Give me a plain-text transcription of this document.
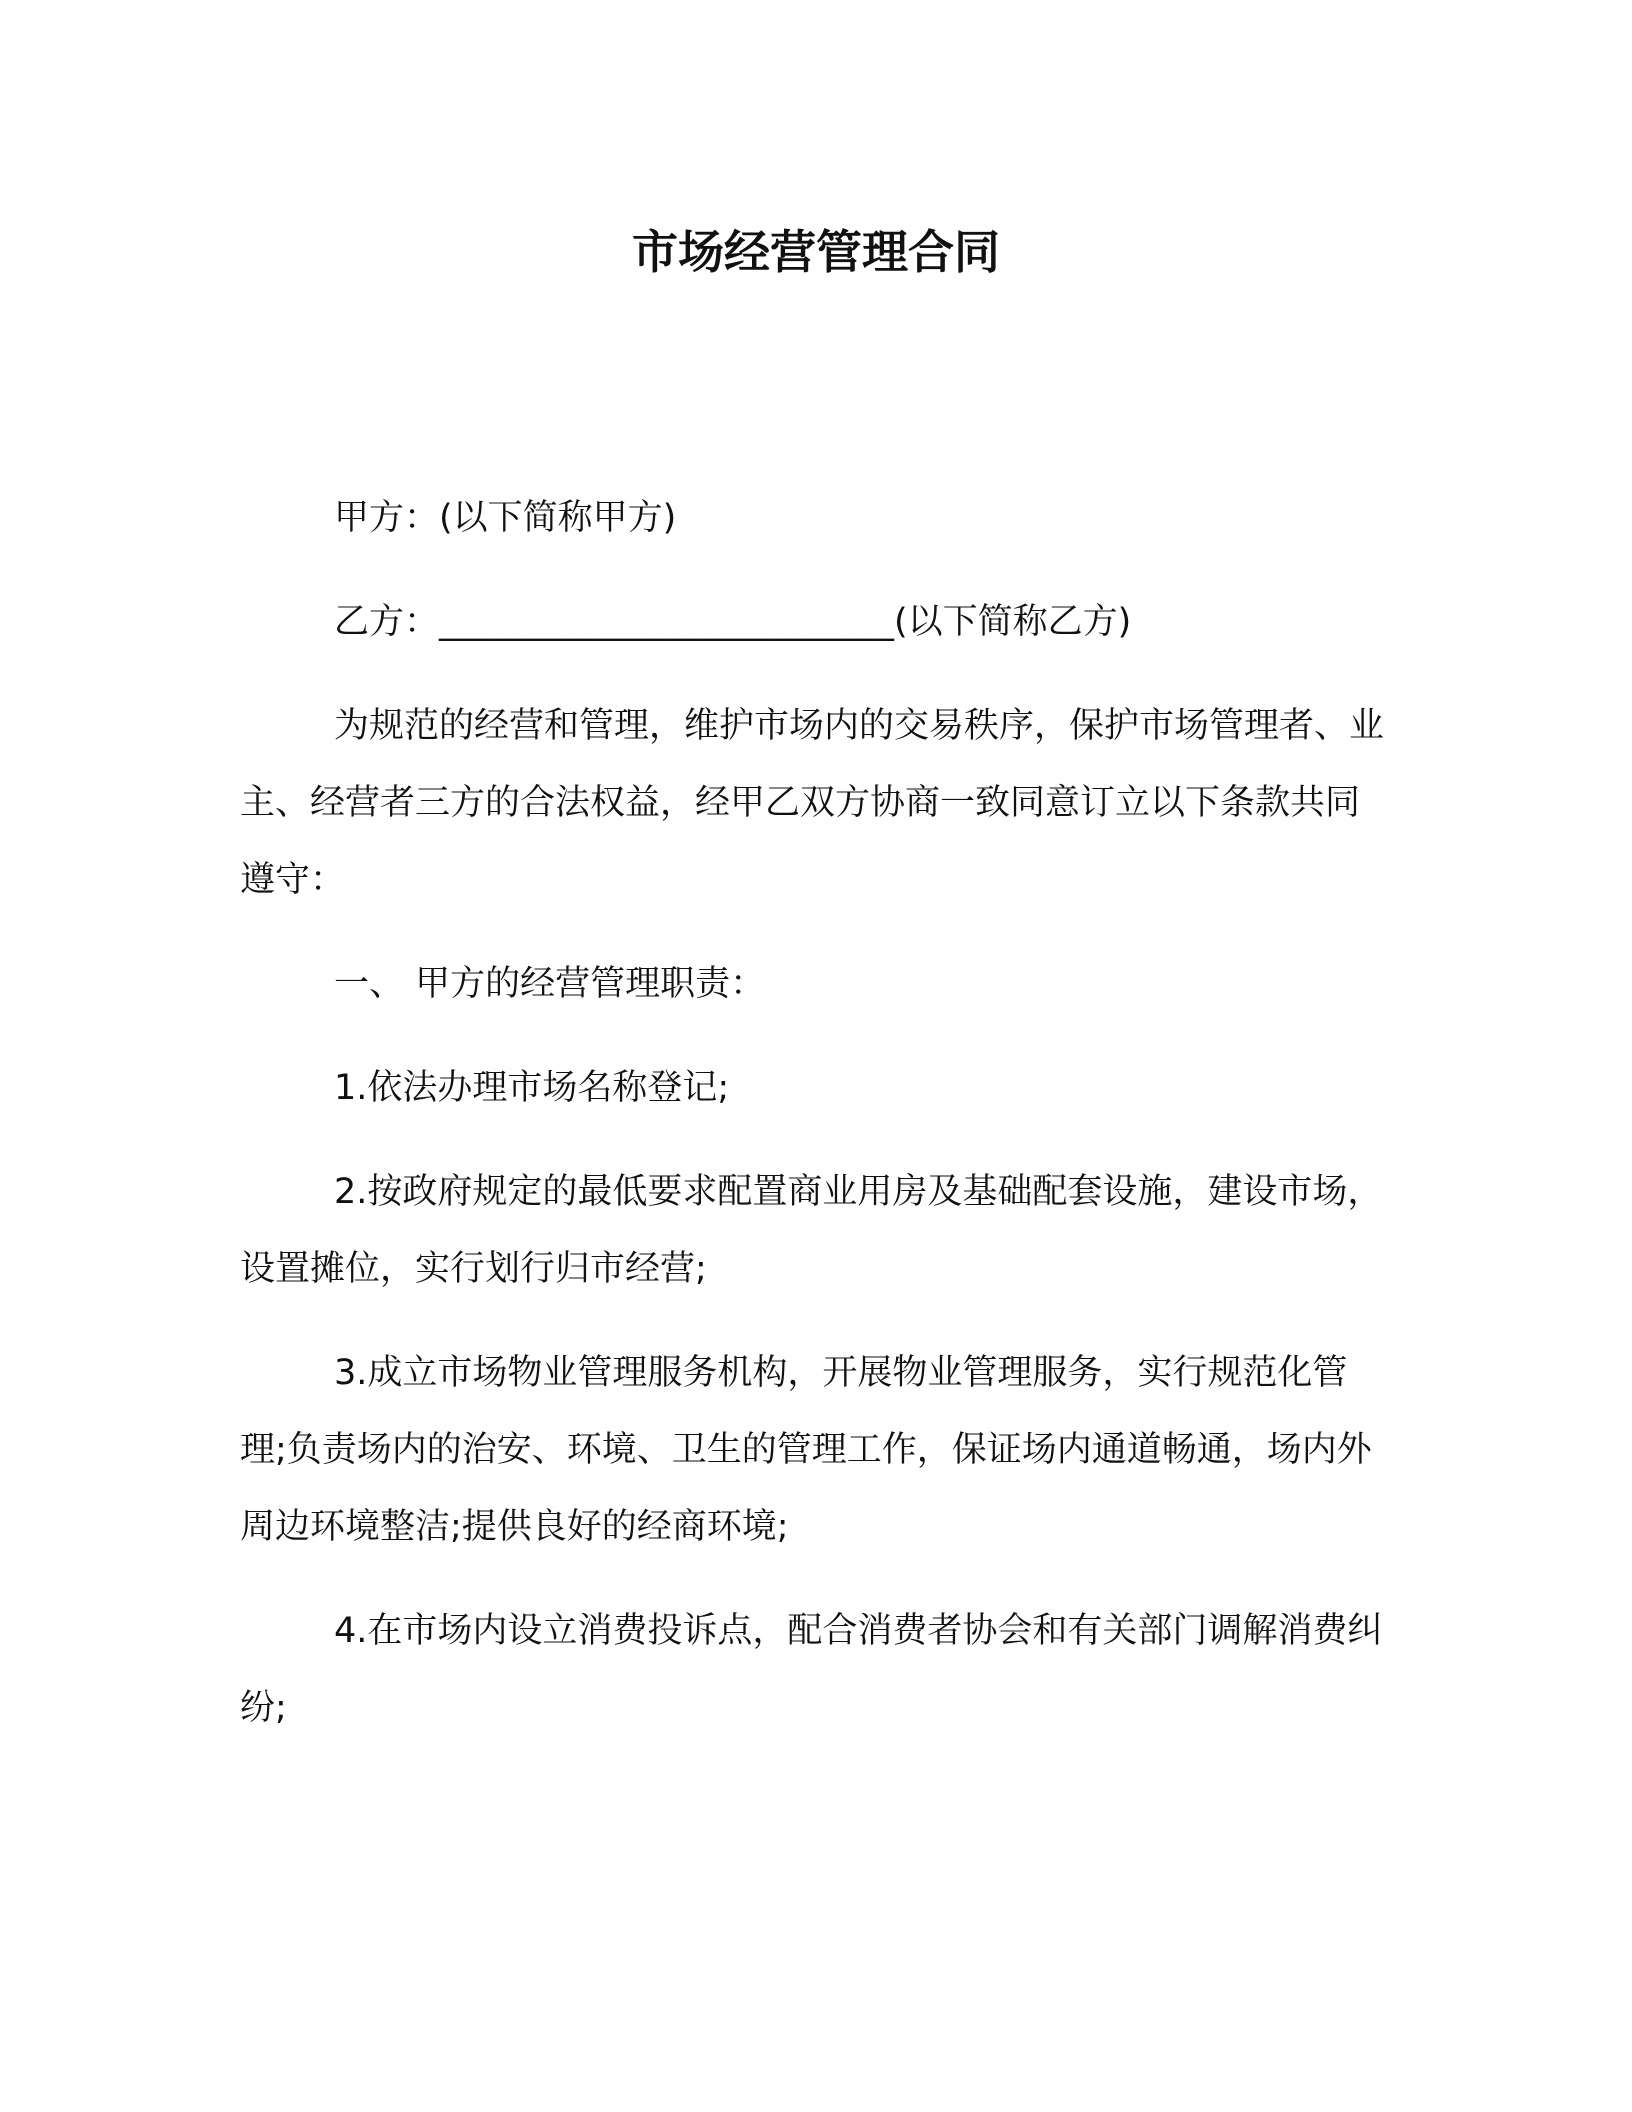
市场经营管理合同
甲方：(以下简称甲方)
乙方：__________________________(以下简称乙方)
为规范的经营和管理，维护市场内的交易秩序，保护市场管理者、业主、经营者三方的合法权益，经甲乙双方协商一致同意订立以下条款共同遵守：
一、 甲方的经营管理职责：
1.依法办理市场名称登记;
2.按政府规定的最低要求配置商业用房及基础配套设施，建设市场，设置摊位，实行划行归市经营;
3.成立市场物业管理服务机构，开展物业管理服务，实行规范化管理;负责场内的治安、环境、卫生的管理工作，保证场内通道畅通，场内外周边环境整洁;提供良好的经商环境;
4.在市场内设立消费投诉点，配合消费者协会和有关部门调解消费纠纷;
